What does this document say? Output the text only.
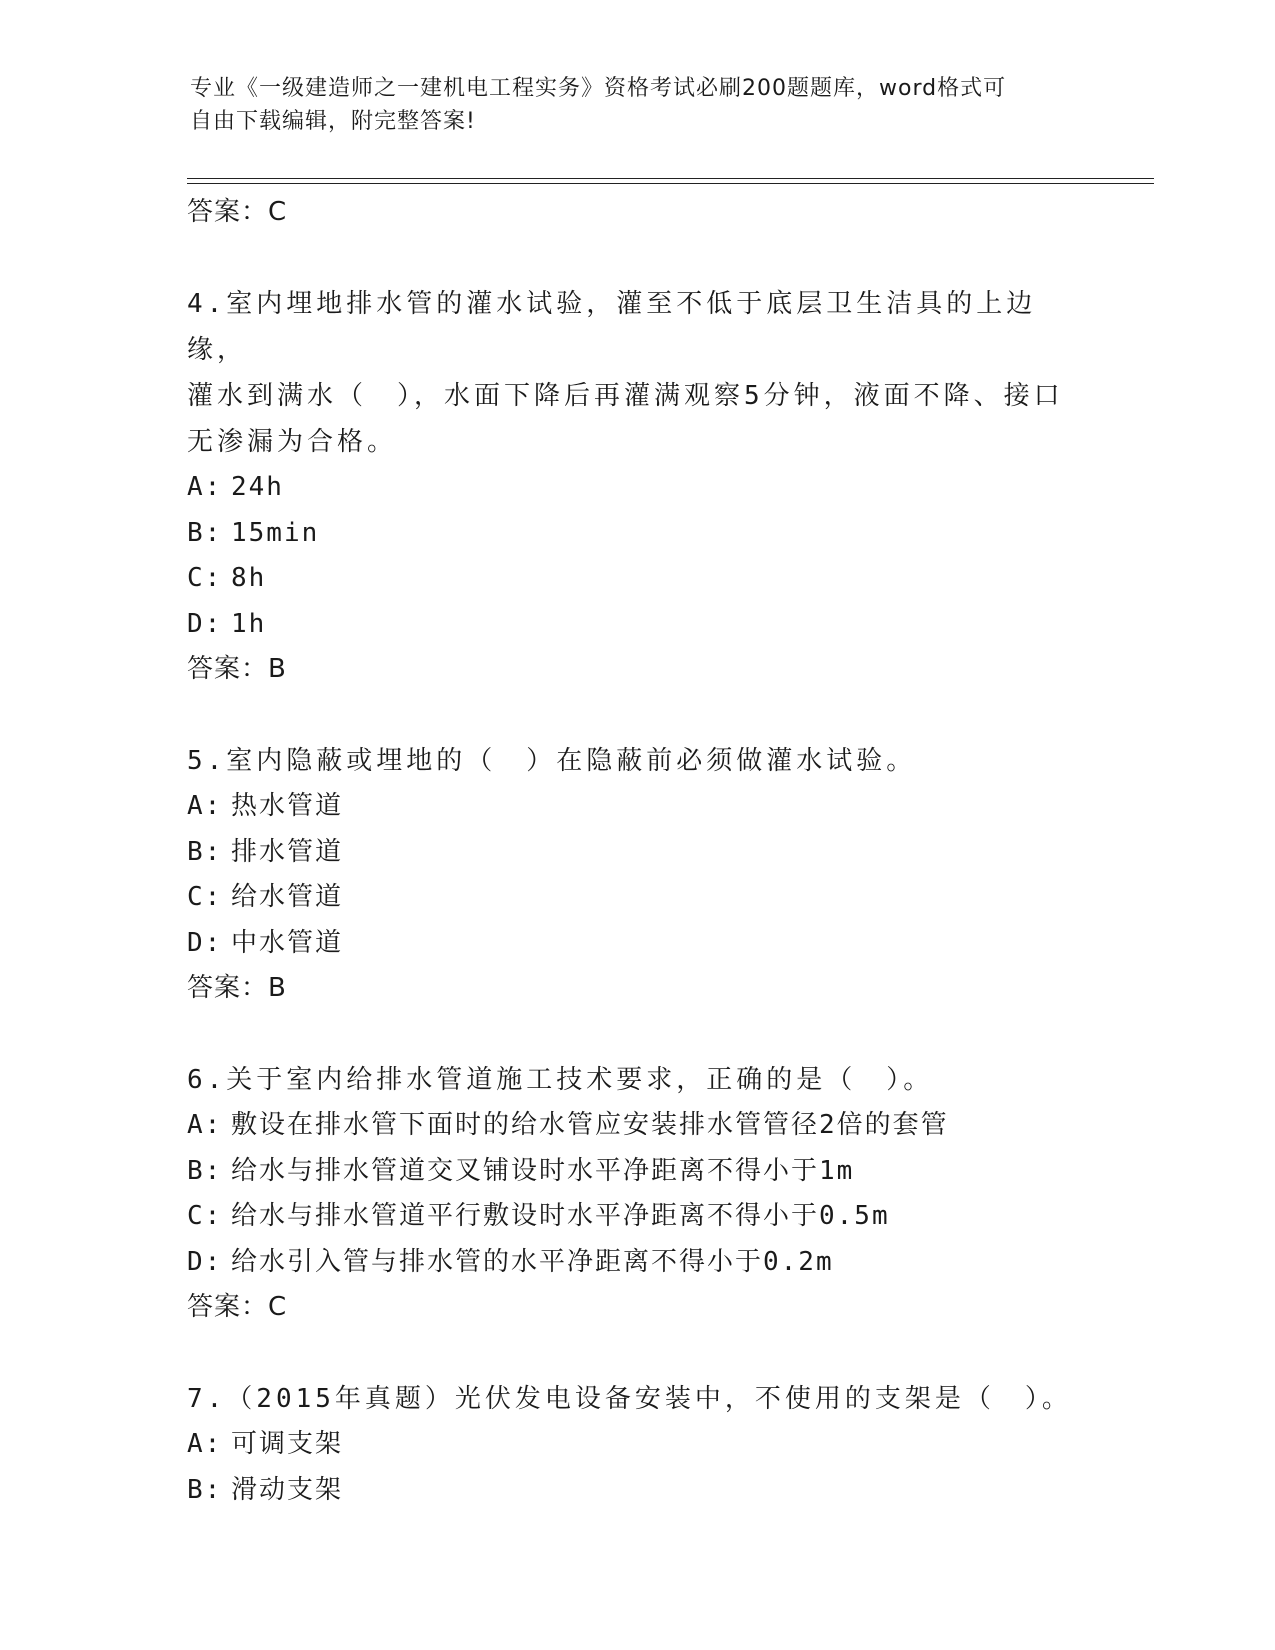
专业《一级建造师之一建机电工程实务》资格考试必刷200题题库，word格式可
自由下载编辑，附完整答案!
答案：C

4.室内埋地排水管的灌水试验，灌至不低于底层卫生洁具的上边缘，
灌水到满水（　），水面下降后再灌满观察5分钟，液面不降、接口
无渗漏为合格。

A: 24h
B: 15min
C: 8h
D: 1h
答案：B

5.室内隐蔽或埋地的（　）在隐蔽前必须做灌水试验。

A: 热水管道
B: 排水管道
C: 给水管道
D: 中水管道
答案：B

6.关于室内给排水管道施工技术要求，正确的是（　）。

A: 敷设在排水管下面时的给水管应安装排水管管径2倍的套管
B: 给水与排水管道交叉铺设时水平净距离不得小于1m
C: 给水与排水管道平行敷设时水平净距离不得小于0.5m
D: 给水引入管与排水管的水平净距离不得小于0.2m
答案：C

7.（2015年真题）光伏发电设备安装中，不使用的支架是（　）。

A: 可调支架
B: 滑动支架
